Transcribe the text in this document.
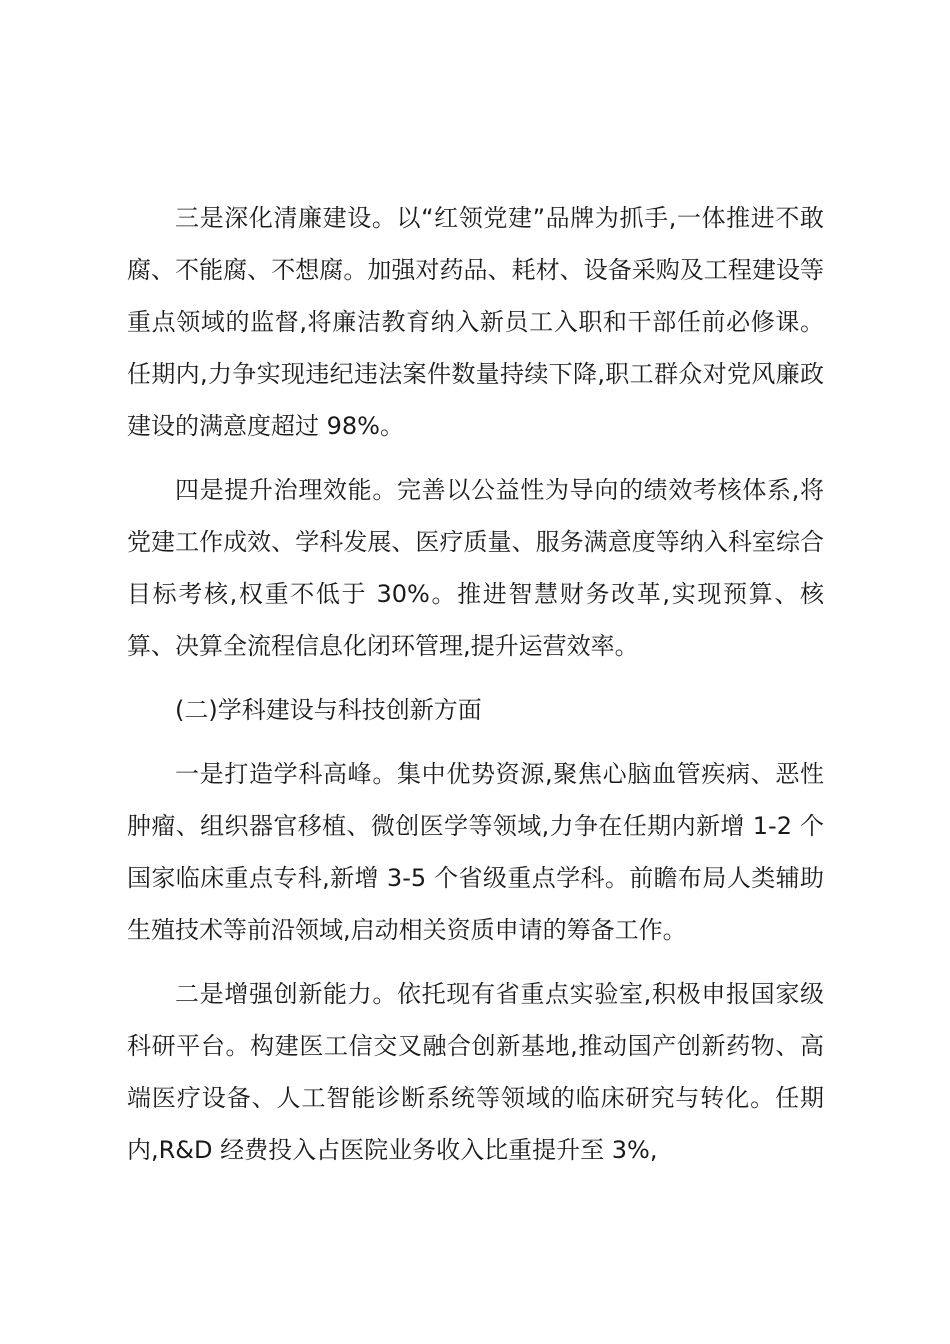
三是深化清廉建设。以“红领党建”品牌为抓手,一体推进不敢腐、不能腐、不想腐。加强对药品、耗材、设备采购及工程建设等重点领域的监督,将廉洁教育纳入新员工入职和干部任前必修课。任期内,力争实现违纪违法案件数量持续下降,职工群众对党风廉政建设的满意度超过 98%。

四是提升治理效能。完善以公益性为导向的绩效考核体系,将党建工作成效、学科发展、医疗质量、服务满意度等纳入科室综合目标考核,权重不低于 30%。推进智慧财务改革,实现预算、核算、决算全流程信息化闭环管理,提升运营效率。

(二)学科建设与科技创新方面

一是打造学科高峰。集中优势资源,聚焦心脑血管疾病、恶性肿瘤、组织器官移植、微创医学等领域,力争在任期内新增 1-2 个国家临床重点专科,新增 3-5 个省级重点学科。前瞻布局人类辅助生殖技术等前沿领域,启动相关资质申请的筹备工作。

二是增强创新能力。依托现有省重点实验室,积极申报国家级科研平台。构建医工信交叉融合创新基地,推动国产创新药物、高端医疗设备、人工智能诊断系统等领域的临床研究与转化。任期内,R&D 经费投入占医院业务收入比重提升至 3%,
